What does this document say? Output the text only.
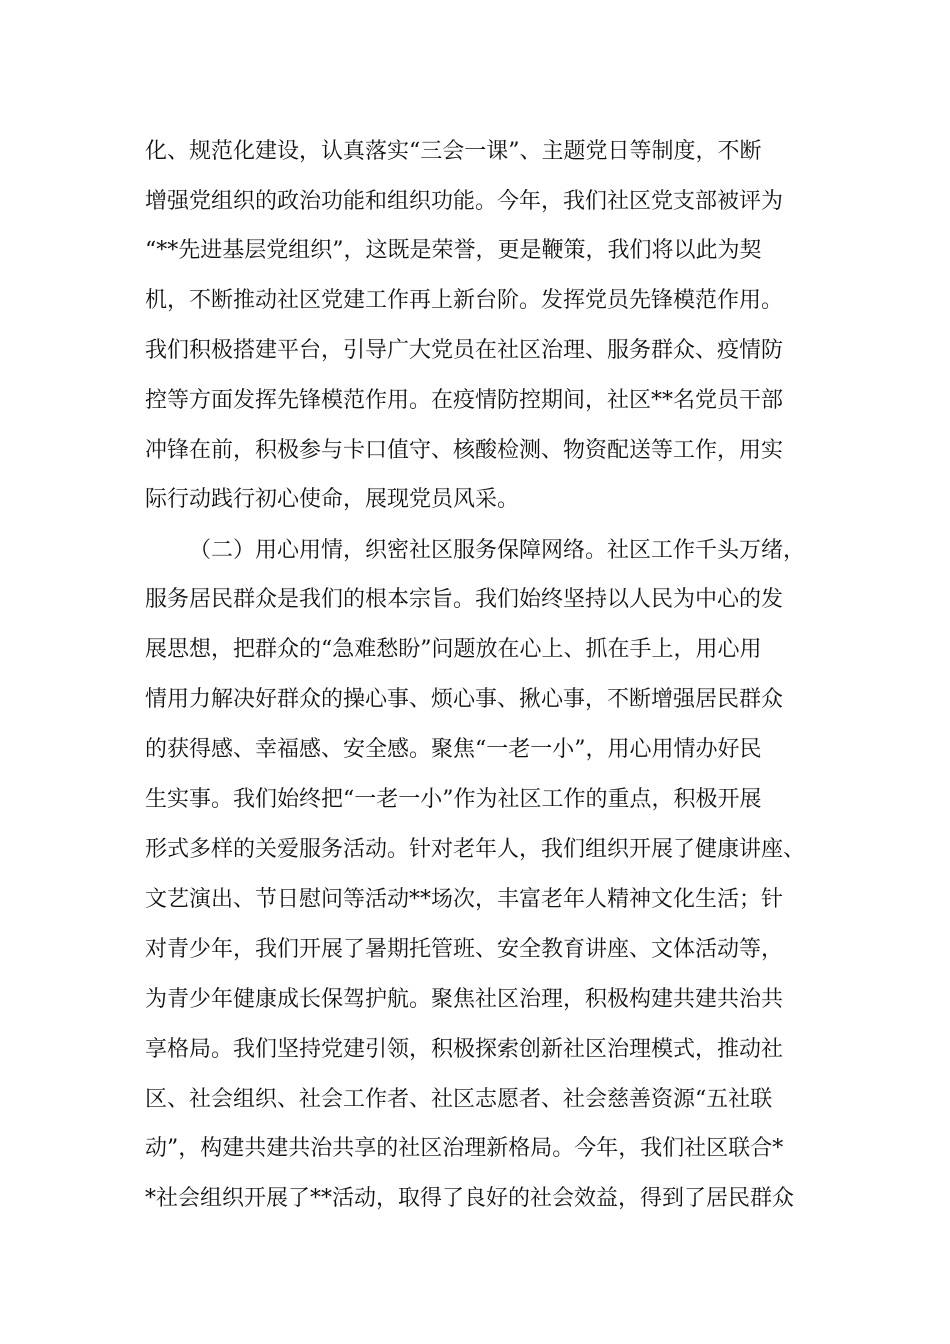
化、规范化建设，认真落实“三会一课”、主题党日等制度，不断
增强党组织的政治功能和组织功能。今年，我们社区党支部被评为
“**先进基层党组织”，这既是荣誉，更是鞭策，我们将以此为契
机，不断推动社区党建工作再上新台阶。发挥党员先锋模范作用。
我们积极搭建平台，引导广大党员在社区治理、服务群众、疫情防
控等方面发挥先锋模范作用。在疫情防控期间，社区**名党员干部
冲锋在前，积极参与卡口值守、核酸检测、物资配送等工作，用实
际行动践行初心使命，展现党员风采。
（二）用心用情，织密社区服务保障网络。社区工作千头万绪，
服务居民群众是我们的根本宗旨。我们始终坚持以人民为中心的发
展思想，把群众的“急难愁盼”问题放在心上、抓在手上，用心用
情用力解决好群众的操心事、烦心事、揪心事，不断增强居民群众
的获得感、幸福感、安全感。聚焦“一老一小”，用心用情办好民
生实事。我们始终把“一老一小”作为社区工作的重点，积极开展
形式多样的关爱服务活动。针对老年人，我们组织开展了健康讲座、
文艺演出、节日慰问等活动**场次，丰富老年人精神文化生活；针
对青少年，我们开展了暑期托管班、安全教育讲座、文体活动等，
为青少年健康成长保驾护航。聚焦社区治理，积极构建共建共治共
享格局。我们坚持党建引领，积极探索创新社区治理模式，推动社
区、社会组织、社会工作者、社区志愿者、社会慈善资源“五社联
动”，构建共建共治共享的社区治理新格局。今年，我们社区联合*
*社会组织开展了**活动，取得了良好的社会效益，得到了居民群众
